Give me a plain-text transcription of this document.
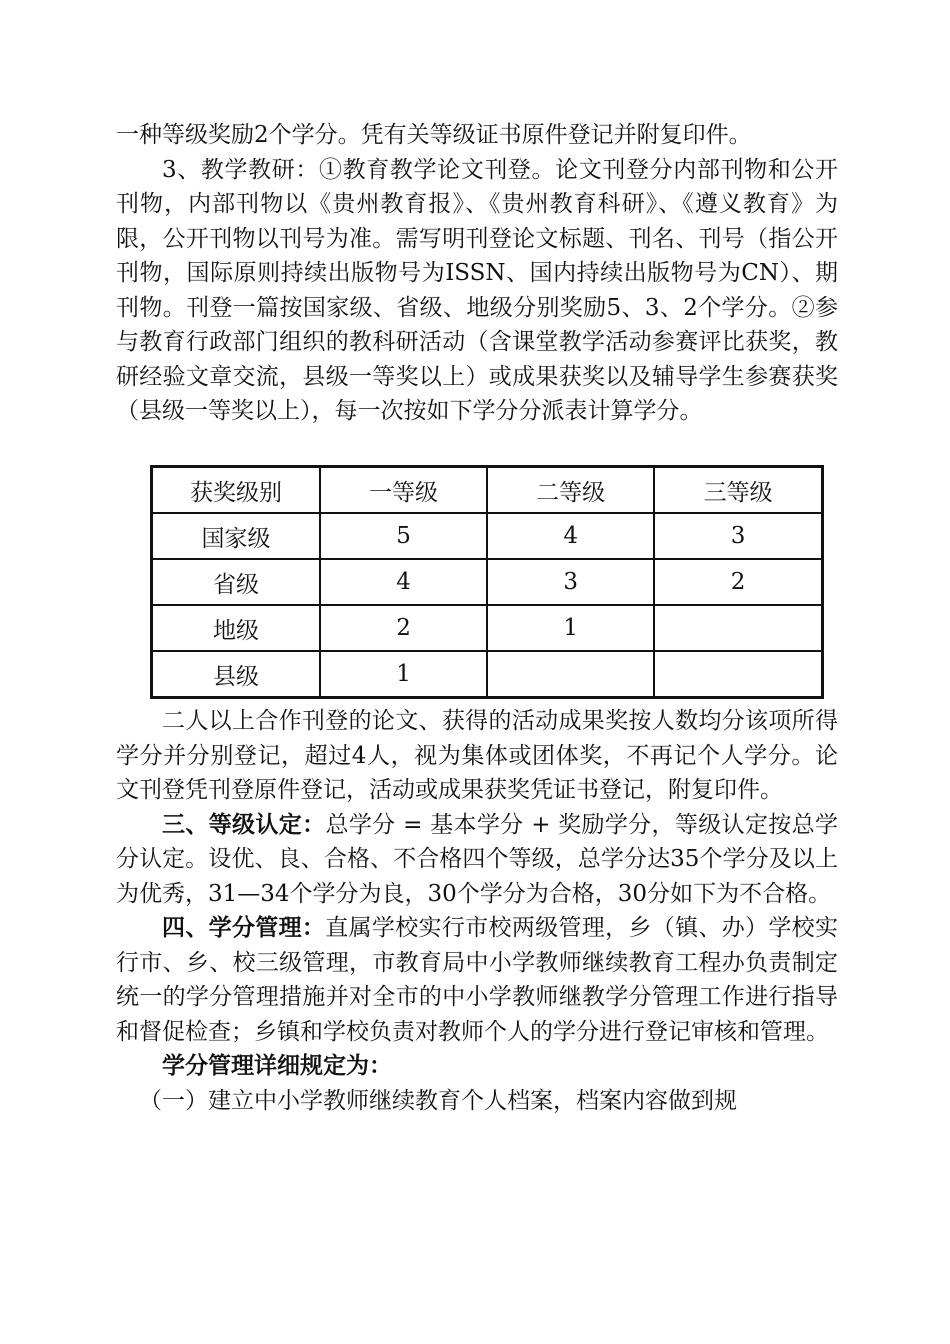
一种等级奖励2个学分。凭有关等级证书原件登记并附复印件。

3、教学教研：①教育教学论文刊登。论文刊登分内部刊物和公开刊物，内部刊物以《贵州教育报》、《贵州教育科研》、《遵义教育》为限，公开刊物以刊号为准。需写明刊登论文标题、刊名、刊号（指公开刊物，国际原则持续出版物号为ISSN、国内持续出版物号为CN）、期刊物。刊登一篇按国家级、省级、地级分别奖励5、3、2个学分。②参与教育行政部门组织的教科研活动（含课堂教学活动参赛评比获奖，教研经验文章交流，县级一等奖以上）或成果获奖以及辅导学生参赛获奖（县级一等奖以上），每一次按如下学分分派表计算学分。

获奖级别	一等级	二等级	三等级
国家级	5	4	3
省级	4	3	2
地级	2	1	
县级	1		

二人以上合作刊登的论文、获得的活动成果奖按人数均分该项所得学分并分别登记，超过4人，视为集体或团体奖，不再记个人学分。论文刊登凭刊登原件登记，活动或成果获奖凭证书登记，附复印件。

三、等级认定：总学分 = 基本学分 + 奖励学分，等级认定按总学分认定。设优、良、合格、不合格四个等级，总学分达35个学分及以上为优秀，31—34个学分为良，30个学分为合格，30分如下为不合格。

四、学分管理：直属学校实行市校两级管理，乡（镇、办）学校实行市、乡、校三级管理，市教育局中小学教师继续教育工程办负责制定统一的学分管理措施并对全市的中小学教师继教学分管理工作进行指导和督促检查；乡镇和学校负责对教师个人的学分进行登记审核和管理。

学分管理详细规定为：

（一）建立中小学教师继续教育个人档案，档案内容做到规
